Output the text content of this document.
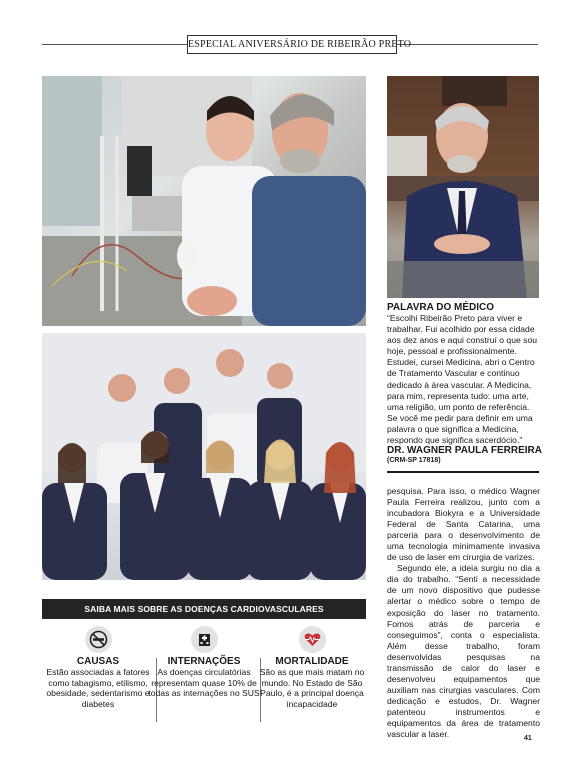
ESPECIAL ANIVERSÁRIO DE RIBEIRÃO PRETO
PALAVRA DO MÉDICO
“Escolhi Ribeirão Preto para viver e trabalhar. Fui acolhido por essa cidade aos dez anos e aqui construí o que sou hoje, pessoal e profissionalmente. Estudei, cursei Medicina, abri o Centro de Tratamento Vascular e continuo dedicado à área vascular. A Medicina, para mim, representa tudo: uma arte, uma religião, um ponto de referência. Se você me pedir para definir em uma palavra o que significa a Medicina, respondo que significa sacerdócio.”
DR. WAGNER PAULA FERREIRA
(CRM-SP 17818)

pesquisa. Para isso, o médico Wagner Paula Ferreira realizou, junto com a incubadora Biokyra e a Universidade Federal de Santa Catarina, uma parceria para o desenvolvimento de uma tecnologia minimamente invasiva de uso de laser em cirurgia de varizes.

Segundo ele, a ideia surgiu no dia a dia do trabalho. “Senti a necessidade de um novo dispositivo que pudesse alertar o médico sobre o tempo de exposição do laser no tratamento. Fomos atrás de parceria e conseguimos”, conta o especialista. Além desse trabalho, foram desenvolvidas pesquisas na transmissão de calor do laser e desenvolveu equipamentos que auxiliam nas cirurgias vasculares. Com dedicação e estudos, Dr. Wagner patenteou instrumentos e equipamentos da área de tratamento vascular a laser.

SAIBA MAIS SOBRE AS DOENÇAS CARDIOVASCULARES
CAUSAS
Estão associadas a fatores como tabagismo, etilismo, obesidade, sedentarismo e diabetes
INTERNAÇÕES
As doenças circulatórias representam quase 10% de todas as internações no SUS
MORTALIDADE
São as que mais matam no mundo. No Estado de São Paulo, é a principal doença incapacidade
41
